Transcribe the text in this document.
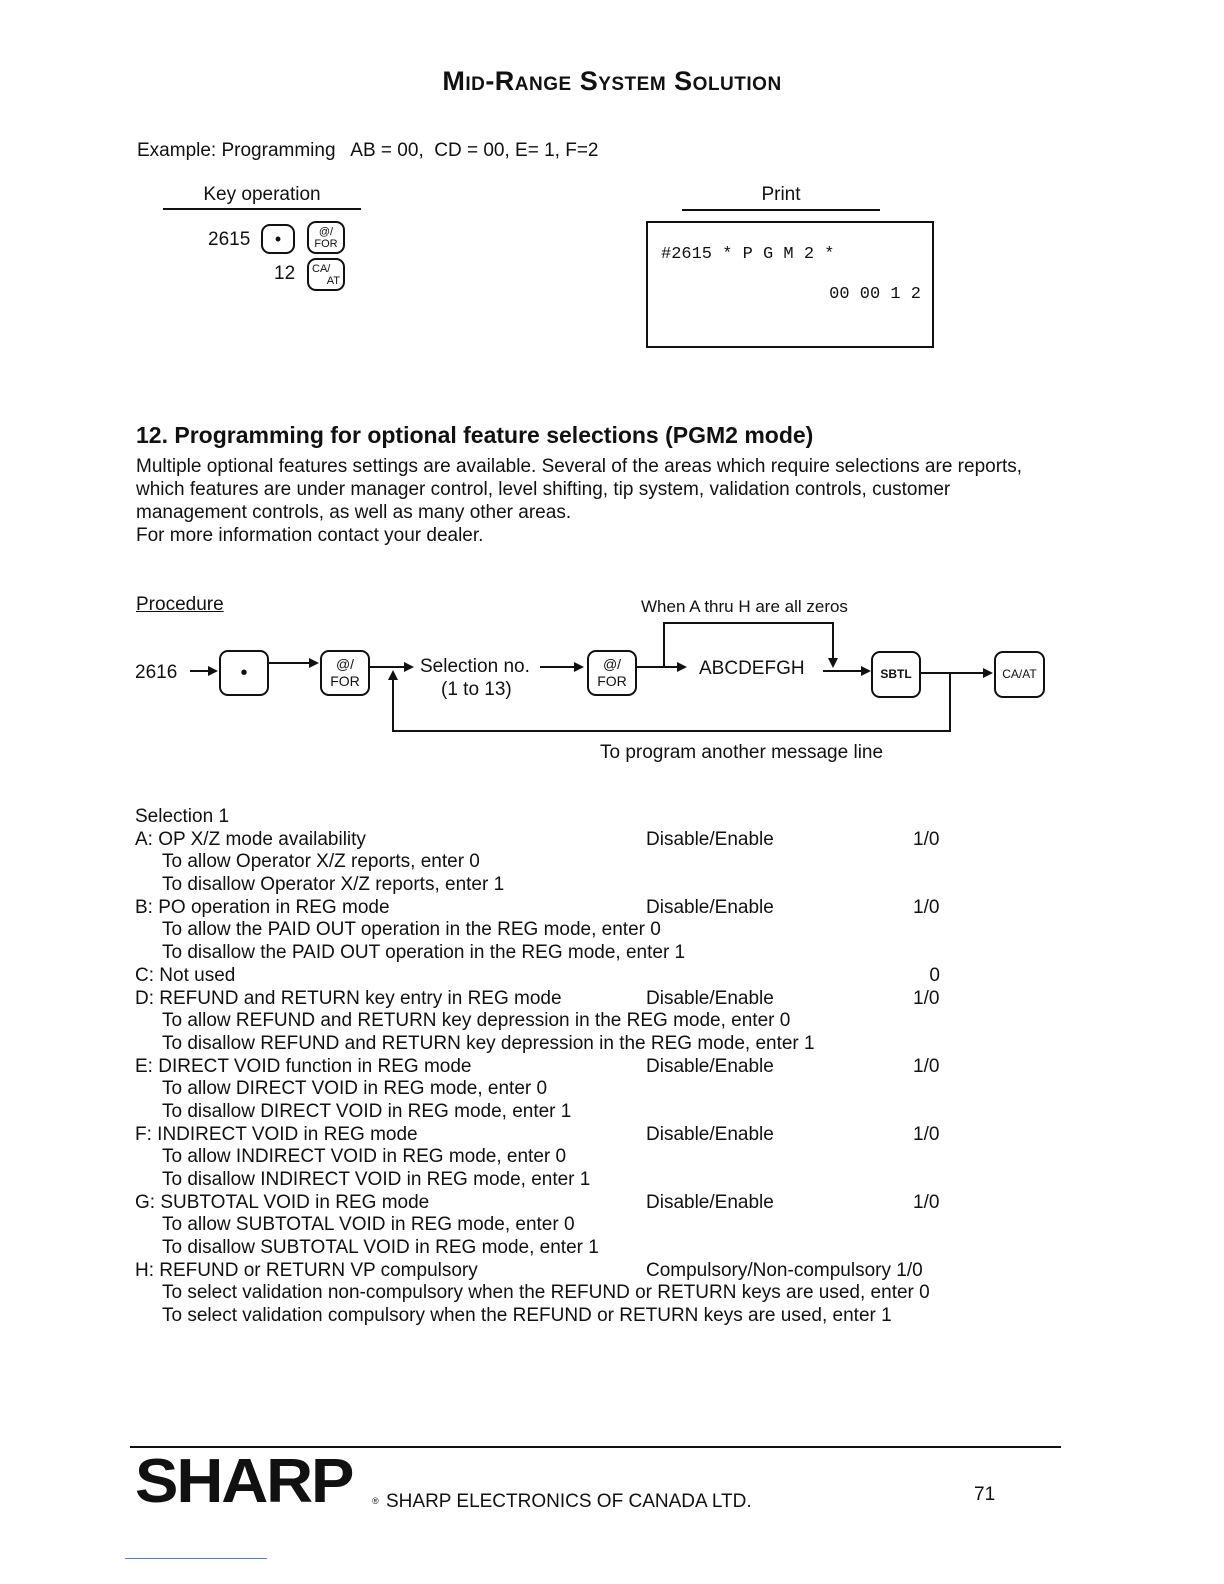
Mid-Range System Solution
Example: Programming   AB = 00,  CD = 00, E= 1, F=2
Key operation	Print
2615 •	@/
FOR
12 CA/
AT
#2615 * P G M 2 *
00 00 1 2
12. Programming for optional feature selections (PGM2 mode)
Multiple optional features settings are available. Several of the areas which require selections are reports,
which features are under manager control, level shifting, tip system, validation controls, customer
management controls, as well as many other areas.
For more information contact your dealer.
Procedure	When A thru H are all zeros
2616	•	@/
FOR
Selection no.
(1 to 13)
@/
FOR
ABCDEFGH	SBTL	CA/AT
To program another message line
Selection 1
A: OP X/Z mode availability	Disable/Enable	1/0
To allow Operator X/Z reports, enter 0
To disallow Operator X/Z reports, enter 1
B: PO operation in REG mode	Disable/Enable	1/0
To allow the PAID OUT operation in the REG mode, enter 0
To disallow the PAID OUT operation in the REG mode, enter 1
C: Not used	0
D: REFUND and RETURN key entry in REG mode	Disable/Enable	1/0
To allow REFUND and RETURN key depression in the REG mode, enter 0
To disallow REFUND and RETURN key depression in the REG mode, enter 1
E: DIRECT VOID function in REG mode	Disable/Enable	1/0
To allow DIRECT VOID in REG mode, enter 0
To disallow DIRECT VOID in REG mode, enter 1
F: INDIRECT VOID in REG mode	Disable/Enable	1/0
To allow INDIRECT VOID in REG mode, enter 0
To disallow INDIRECT VOID in REG mode, enter 1
G: SUBTOTAL VOID in REG mode	Disable/Enable	1/0
To allow SUBTOTAL VOID in REG mode, enter 0
To disallow SUBTOTAL VOID in REG mode, enter 1
H: REFUND or RETURN VP compulsory	Compulsory/Non-compulsory 1/0
To select validation non-compulsory when the REFUND or RETURN keys are used, enter 0
To select validation compulsory when the REFUND or RETURN keys are used, enter 1
SHARP ® SHARP ELECTRONICS OF CANADA LTD.	71
